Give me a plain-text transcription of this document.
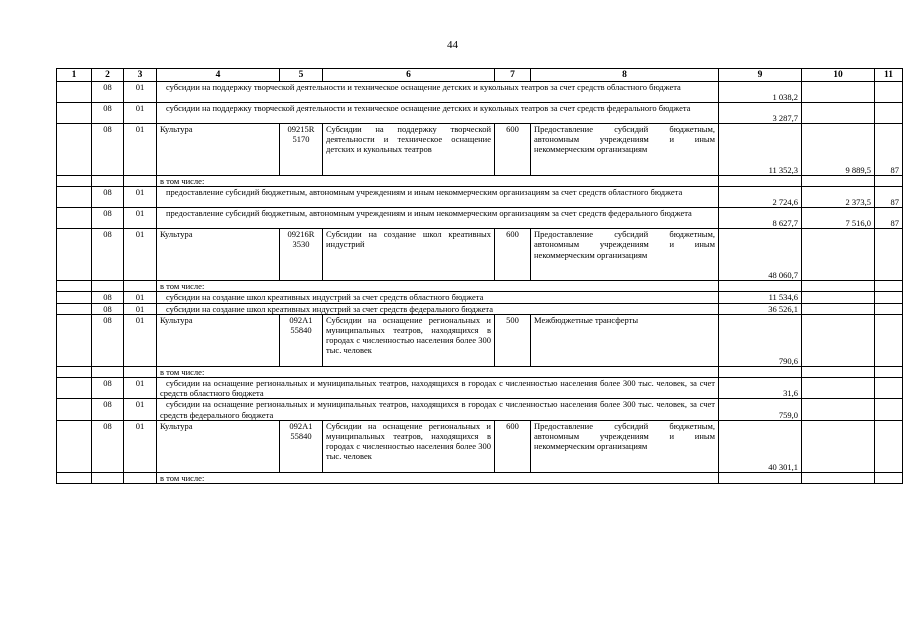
44
1	2	3	4	5	6	7	8	9	10	11
	08	01	субсидии на поддержку творческой деятельности и техническое оснащение детских и кукольных театров за счет средств областного бюджета					1 038,2		
	08	01	субсидии на поддержку творческой деятельности и техническое оснащение детских и кукольных театров за счет средств федерального бюджета					3 287,7		
	08	01	Культура	09215R 5170	Субсидии на поддержку творческой деятельности и техническое оснащение детских и кукольных театров	600	Предоставление субсидий бюджетным, автономным учреждениям и иным некоммерческим организациям	11 352,3	9 889,5	87
			в том числе:							
	08	01	предоставление субсидий бюджетным, автономным учреждениям и иным некоммерческим организациям за счет средств областного бюджета					2 724,6	2 373,5	87
	08	01	предоставление субсидий бюджетным, автономным учреждениям и иным некоммерческим организациям за счет средств федерального бюджета					8 627,7	7 516,0	87
	08	01	Культура	09216R 3530	Субсидии на создание школ креативных индустрий	600	Предоставление субсидий бюджетным, автономным учреждениям и иным некоммерческим организациям	48 060,7		
			в том числе:							
	08	01	субсидии на создание школ креативных индустрий за счет средств областного бюджета					11 534,6		
	08	01	субсидии на создание школ креативных индустрий за счет средств федерального бюджета					36 526,1		
	08	01	Культура	092A1 55840	Субсидии на оснащение региональных и муниципальных театров, находящихся в городах с численностью населения более 300 тыс. человек	500	Межбюджетные трансферты	790,6		
			в том числе:							
	08	01	субсидии на оснащение региональных и муниципальных театров, находящихся в городах с численностью населения более 300 тыс. человек, за счет средств областного бюджета					31,6		
	08	01	субсидии на оснащение региональных и муниципальных театров, находящихся в городах с численностью населения более 300 тыс. человек, за счет средств федерального бюджета					759,0		
	08	01	Культура	092A1 55840	Субсидии на оснащение региональных и муниципальных театров, находящихся в городах с численностью населения более 300 тыс. человек	600	Предоставление субсидий бюджетным, автономным учреждениям и иным некоммерческим организациям	40 301,1		
			в том числе:							
